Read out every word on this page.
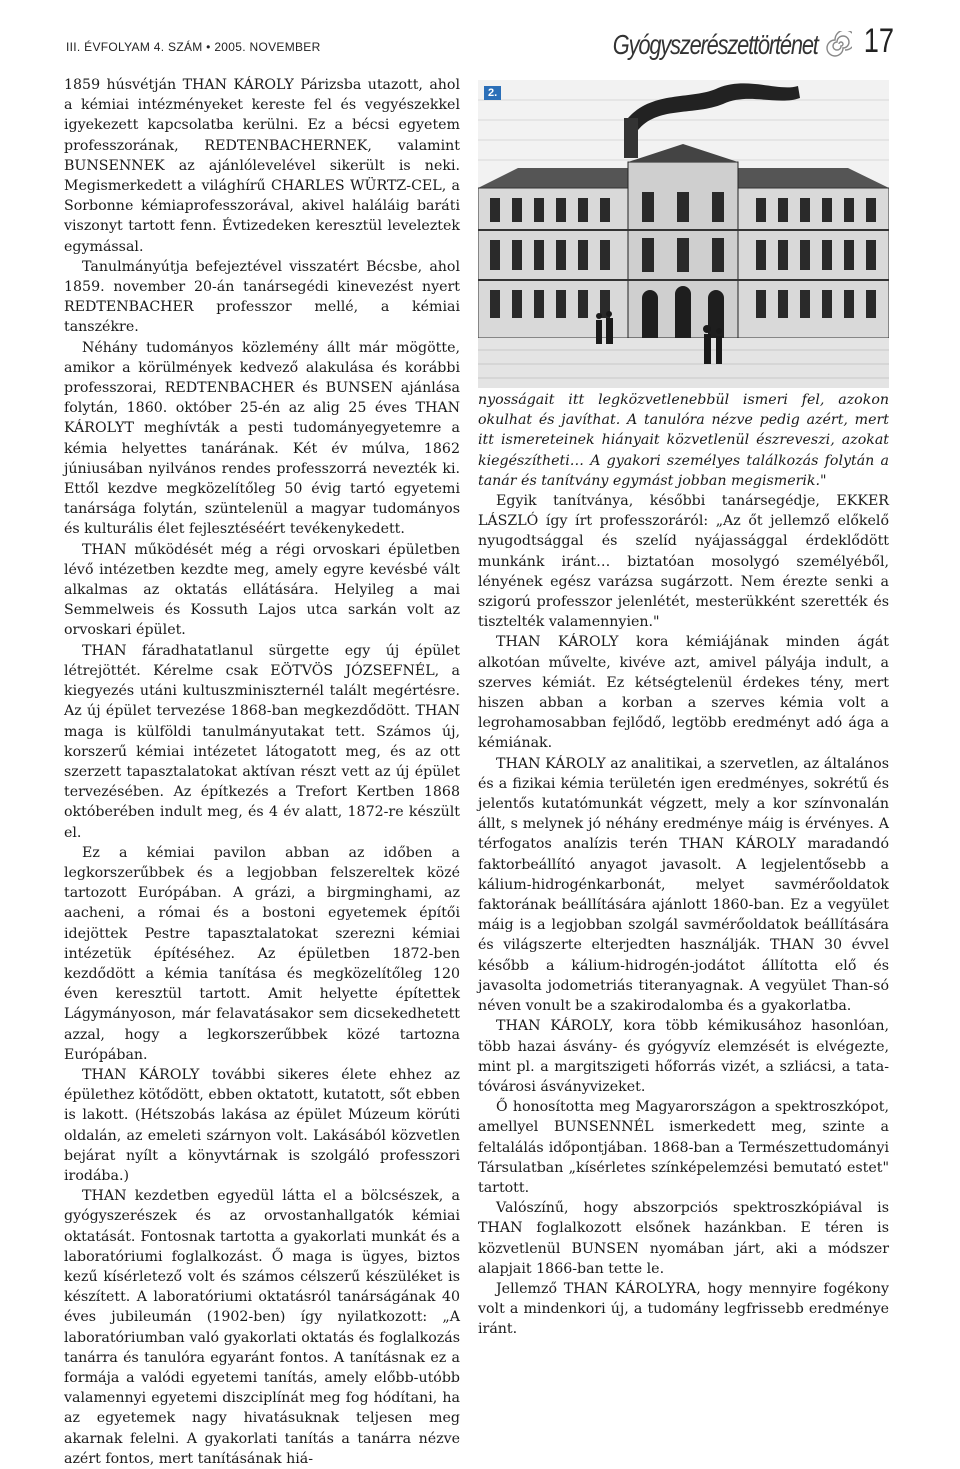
III. ÉVFOLYAM 4. SZÁM • 2005. NOVEMBER	Gyógyszerészettörténet 17
2.

1859 húsvétján THAN KÁROLY Párizsba utazott, ahol a kémiai intézményeket kereste fel és vegyészekkel igyekezett kapcsolatba kerülni. Ez a bécsi egyetem professzorának, REDTENBACHERNEK, valamint BUNSENNEK az ajánlólevelével sikerült is neki. Megismerkedett a világhírű CHARLES WÜRTZ-CEL, a Sorbonne kémiaprofesszorával, akivel haláláig baráti viszonyt tartott fenn. Évtizedeken keresztül leveleztek egymással.

Tanulmányútja befejeztével visszatért Bécsbe, ahol 1859. november 20-án tanársegédi kinevezést nyert REDTENBACHER professzor mellé, a kémiai tanszékre.

Néhány tudományos közlemény állt már mögötte, amikor a körülmények kedvező alakulása és korábbi professzorai, REDTENBACHER és BUNSEN ajánlása folytán, 1860. október 25-én az alig 25 éves THAN KÁROLYT meghívták a pesti tudományegyetemre a kémia helyettes tanárának. Két év múlva, 1862 júniusában nyilvános rendes professzorrá nevezték ki. Ettől kezdve megközelítőleg 50 évig tartó egyetemi tanársága folytán, szüntelenül a magyar tudományos és kulturális élet fejlesztéséért tevékenykedett.

THAN működését még a régi orvoskari épületben lévő intézetben kezdte meg, amely egyre kevésbé vált alkalmas az oktatás ellátására. Helyileg a mai Semmelweis és Kossuth Lajos utca sarkán volt az orvoskari épület.

THAN fáradhatatlanul sürgette egy új épület létrejöttét. Kérelme csak EÖTVÖS JÓZSEFNÉL, a kiegyezés utáni kultuszminiszternél talált megértésre. Az új épület tervezése 1868-ban megkezdődött. THAN maga is külföldi tanulmányutakat tett. Számos új, korszerű kémiai intézetet látogatott meg, és az ott szerzett tapasztalatokat aktívan részt vett az új épület tervezésében. Az építkezés a Trefort Kertben 1868 októberében indult meg, és 4 év alatt, 1872-re készült el.

Ez a kémiai pavilon abban az időben a legkorszerűbbek és a legjobban felszereltek közé tartozott Európában. A grázi, a birgminghami, az aacheni, a római és a bostoni egyetemek építői idejöttek Pestre tapasztalatokat szerezni kémiai intézetük építéséhez. Az épületben 1872-ben kezdődött a kémia tanítása és megközelítőleg 120 éven keresztül tartott. Amit helyette építettek Lágymányoson, már felavatásakor sem dicsekedhetett azzal, hogy a legkorszerűbbek közé tartozna Európában.

THAN KÁROLY további sikeres élete ehhez az épülethez kötődött, ebben oktatott, kutatott, sőt ebben is lakott. (Hétszobás lakása az épület Múzeum körúti oldalán, az emeleti szárnyon volt. Lakásából közvetlen bejárat nyílt a könyvtárnak is szolgáló professzori irodába.)

THAN kezdetben egyedül látta el a bölcsészek, a gyógyszerészek és az orvostanhallgatók kémiai oktatását. Fontosnak tartotta a gyakorlati munkát és a laboratóriumi foglalkozást. Ő maga is ügyes, biztos kezű kísérletező volt és számos célszerű készüléket is készített. A laboratóriumi oktatásról tanárságának 40 éves jubileumán (1902-ben) így nyilatkozott: „A laboratóriumban való gyakorlati oktatás és foglalkozás tanárra és tanulóra egyaránt fontos. A tanításnak ez a formája a valódi egyetemi tanítás, amely előbb-utóbb valamennyi egyetemi diszciplínát meg fog hódítani, ha az egyetemek nagy hivatásuknak teljesen meg akarnak felelni. A gyakorlati tanítás a tanárra nézve azért fontos, mert tanításának hiá-

nyosságait itt legközvetlenebbül ismeri fel, azokon okulhat és javíthat. A tanulóra nézve pedig azért, mert itt ismereteinek hiányait közvetlenül észreveszi, azokat kiegészítheti… A gyakori személyes találkozás folytán a tanár és tanítvány egymást jobban megismerik."

Egyik tanítványa, későbbi tanársegédje, EKKER LÁSZLÓ így írt professzoráról: „Az őt jellemző előkelő nyugodtsággal és szelíd nyájassággal érdeklődött munkánk iránt… biztatóan mosolygó személyéből, lényének egész varázsa sugárzott. Nem érezte senki a szigorú professzor jelenlétét, mesterükként szerették és tisztelték valamennyien."

THAN KÁROLY kora kémiájának minden ágát alkotóan művelte, kivéve azt, amivel pályája indult, a szerves kémiát. Ez kétségtelenül érdekes tény, mert hiszen abban a korban a szerves kémia volt a legrohamosabban fejlődő, legtöbb eredményt adó ága a kémiának.

THAN KÁROLY az analitikai, a szervetlen, az általános és a fizikai kémia területén igen eredményes, sokrétű és jelentős kutatómunkát végzett, mely a kor színvonalán állt, s melynek jó néhány eredménye máig is érvényes. A térfogatos analízis terén THAN KÁROLY maradandó faktorbeállító anyagot javasolt. A legjelentősebb a kálium-hidrogénkarbonát, melyet savmérőoldatok faktorának beállítására ajánlott 1860-ban. Ez a vegyület máig is a legjobban szolgál savmérőoldatok beállítására és világszerte elterjedten használják. THAN 30 évvel később a kálium-hidrogén-jodátot állította elő és javasolta jodometriás titeranyagnak. A vegyület Than-só néven vonult be a szakirodalomba és a gyakorlatba.

THAN KÁROLY, kora több kémikusához hasonlóan, több hazai ásvány- és gyógyvíz elemzését is elvégezte, mint pl. a margitszigeti hőforrás vizét, a szliácsi, a tata-tóvárosi ásványvizeket.

Ő honosította meg Magyarországon a spektroszkópot, amellyel BUNSENNÉL ismerkedett meg, szinte a feltalálás időpontjában. 1868-ban a Természettudományi Társulatban „kísérletes színképelemzési bemutató estet" tartott.

Valószínű, hogy abszorpciós spektroszkópiával is THAN foglalkozott elsőnek hazánkban. E téren is közvetlenül BUNSEN nyomában járt, aki a módszer alapjait 1866-ban tette le.

Jellemző THAN KÁROLYRA, hogy mennyire fogékony volt a mindenkori új, a tudomány legfrissebb eredménye iránt.
